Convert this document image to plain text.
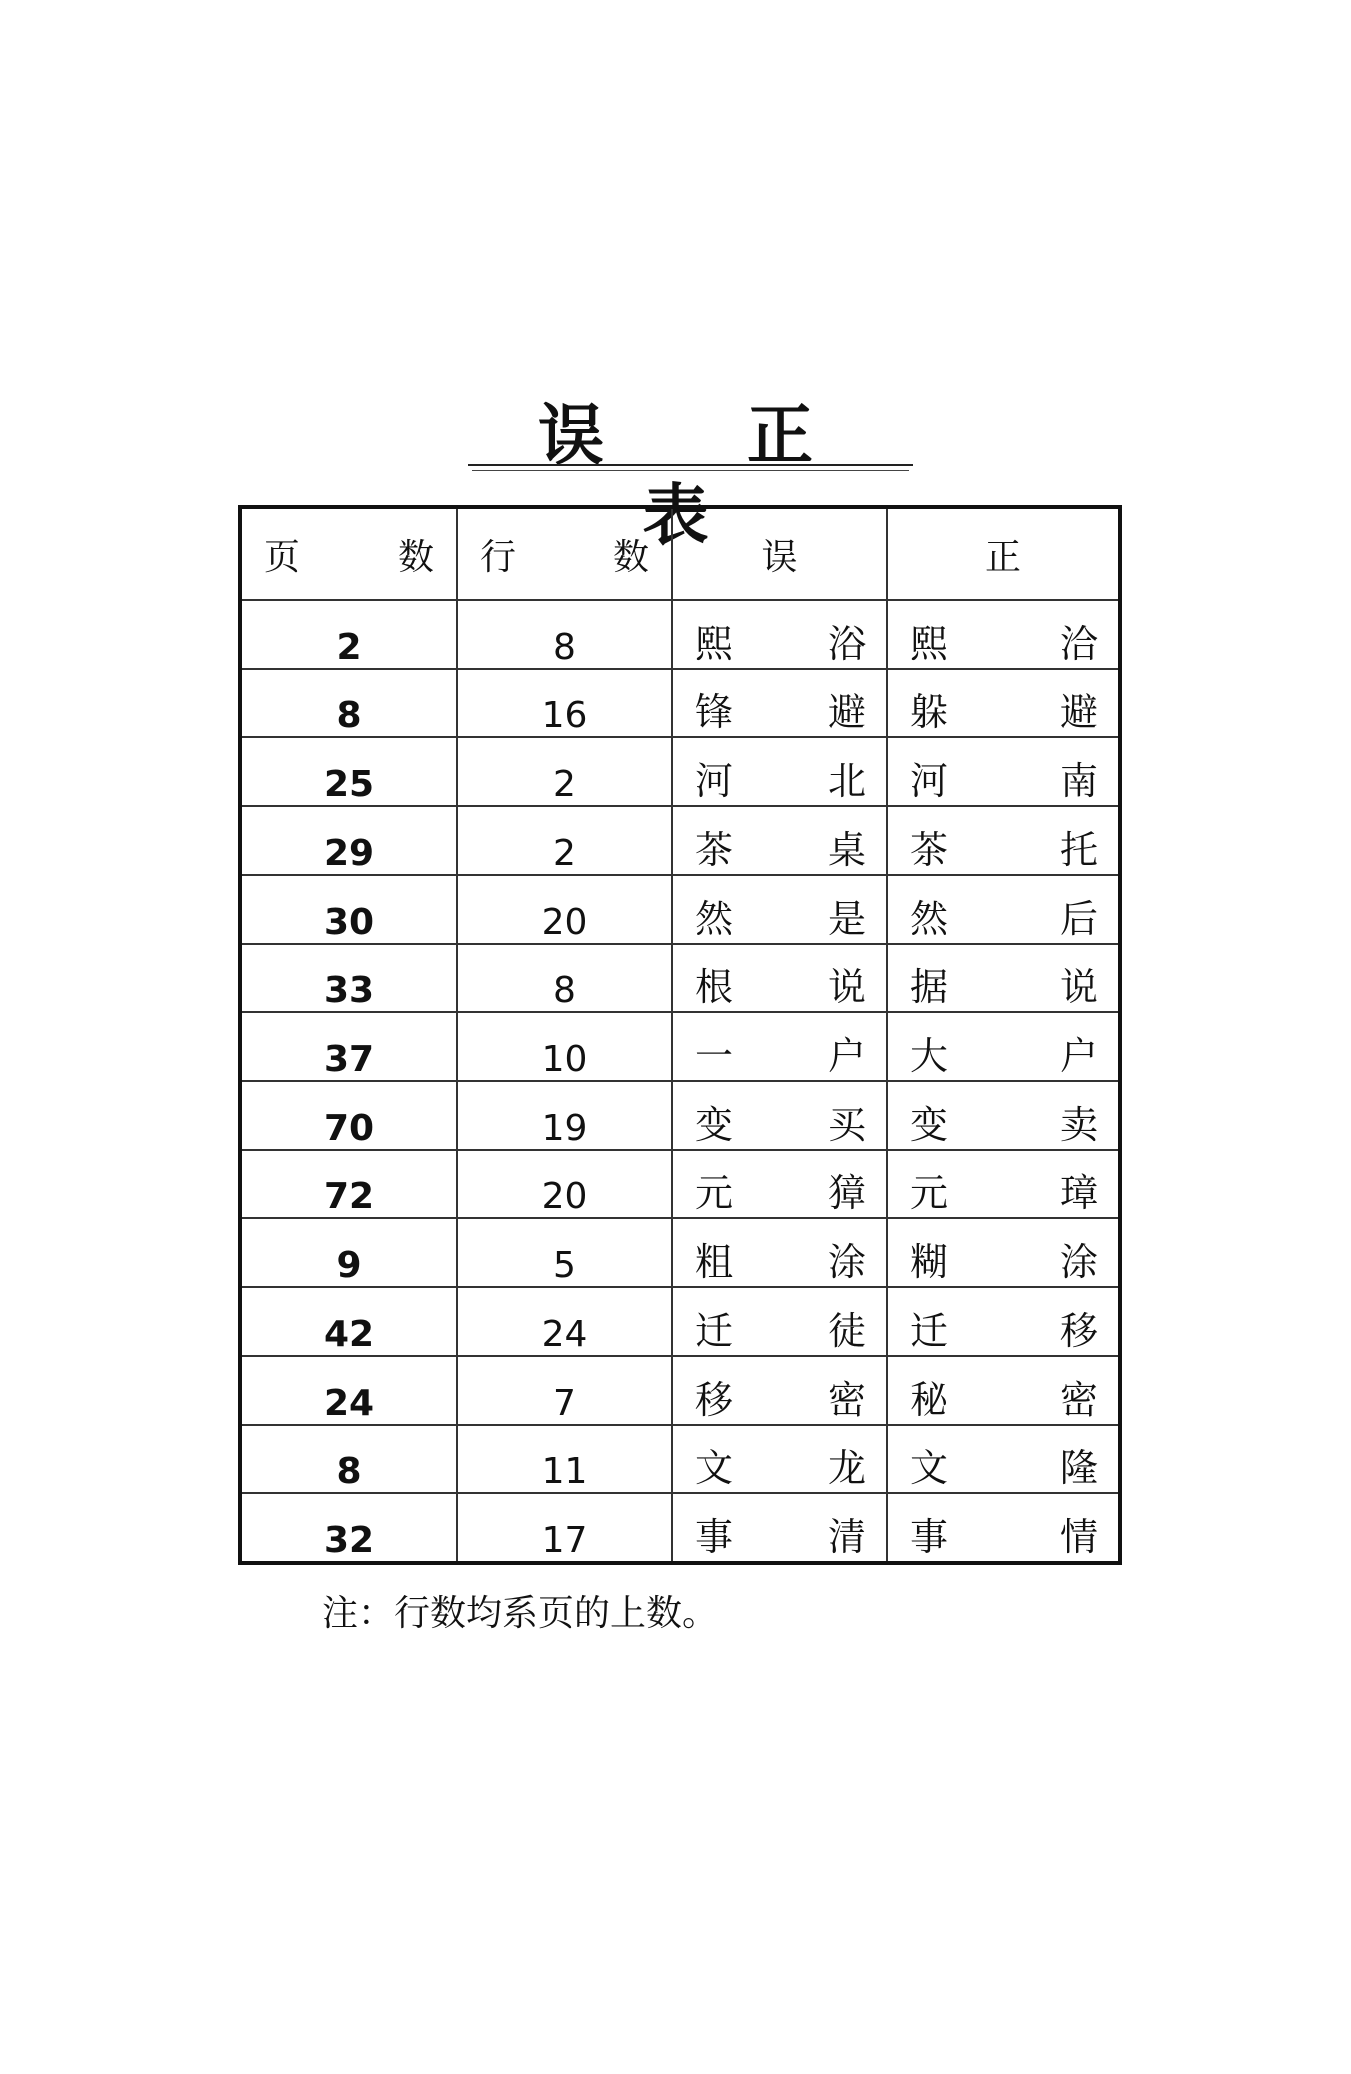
误 正 表
页 数	行 数	误	正
2	8	熙 浴	熙 洽

8	16	锋 避	躲 避

25	2	河 北	河 南

29	2	茶 桌	茶 托

30	20	然 是	然 后

33	8	根 说	据 说

37	10	一 户	大 户

70	19	变 买	变 卖

72	20	元 獐	元 璋

9	5	粗 涂	糊 涂

42	24	迁 徒	迁 移

24	7	移 密	秘 密

8	11	文 龙	文 隆

32	17	事 清	事 情
注：行数均系页的上数。
